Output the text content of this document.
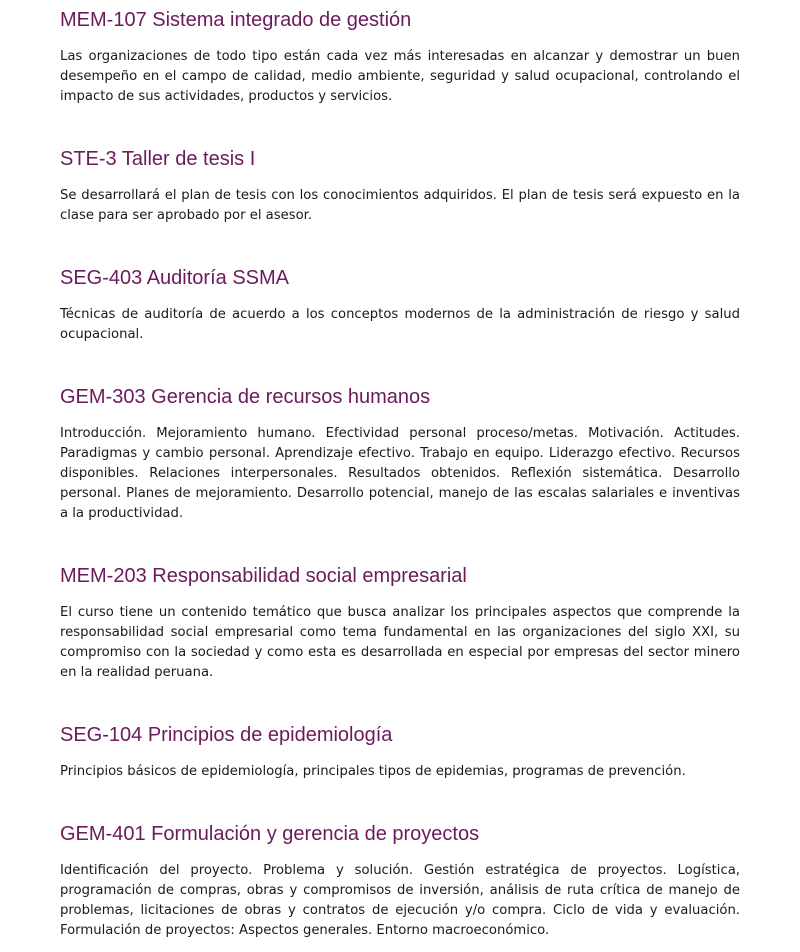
MEM-107 Sistema integrado de gestión

Las organizaciones de todo tipo están cada vez más interesadas en alcanzar y demostrar un buen desempeño en el campo de calidad, medio ambiente, seguridad y salud ocupacional, controlando el impacto de sus actividades, productos y servicios.

STE-3 Taller de tesis I

Se desarrollará el plan de tesis con los conocimientos adquiridos. El plan de tesis será expuesto en la clase para ser aprobado por el asesor.

SEG-403 Auditoría SSMA

Técnicas de auditoría de acuerdo a los conceptos modernos de la administración de riesgo y salud ocupacional.

GEM-303 Gerencia de recursos humanos

Introducción. Mejoramiento humano. Efectividad personal proceso/metas. Motivación. Actitudes. Paradigmas y cambio personal. Aprendizaje efectivo. Trabajo en equipo. Liderazgo efectivo. Recursos disponibles. Relaciones interpersonales. Resultados obtenidos. Reflexión sistemática. Desarrollo personal. Planes de mejoramiento. Desarrollo potencial, manejo de las escalas salariales e inventivas a la productividad.

MEM-203 Responsabilidad social empresarial

El curso tiene un contenido temático que busca analizar los principales aspectos que comprende la responsabilidad social empresarial como tema fundamental en las organizaciones del siglo XXI, su compromiso con la sociedad y como esta es desarrollada en especial por empresas del sector minero en la realidad peruana.

SEG-104 Principios de epidemiología

Principios básicos de epidemiología, principales tipos de epidemias, programas de prevención.

GEM-401 Formulación y gerencia de proyectos

Identificación del proyecto. Problema y solución. Gestión estratégica de proyectos. Logística, programación de compras, obras y compromisos de inversión, análisis de ruta crítica de manejo de problemas, licitaciones de obras y contratos de ejecución y/o compra. Ciclo de vida y evaluación. Formulación de proyectos: Aspectos generales. Entorno macroeconómico.
